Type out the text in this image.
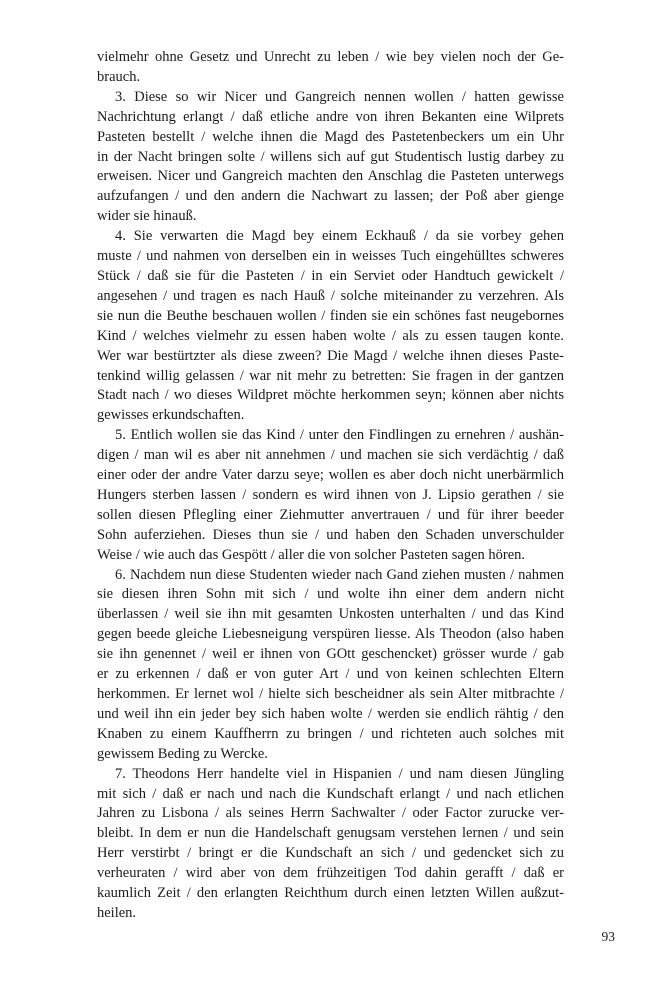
vielmehr ohne Gesetz und Unrecht zu leben / wie bey vielen noch der Ge-
brauch.
3. Diese so wir Nicer und Gangreich nennen wollen / hatten gewisse
Nachrichtung erlangt / daß etliche andre von ihren Bekanten eine Wilprets
Pasteten bestellt / welche ihnen die Magd des Pastetenbeckers um ein Uhr
in der Nacht bringen solte / willens sich auf gut Studentisch lustig darbey zu
erweisen. Nicer und Gangreich machten den Anschlag die Pasteten unterwegs
aufzufangen / und den andern die Nachwart zu lassen; der Poß aber gienge
wider sie hinauß.
4. Sie verwarten die Magd bey einem Eckhauß / da sie vorbey gehen
muste / und nahmen von derselben ein in weisses Tuch eingehülltes schweres
Stück / daß sie für die Pasteten / in ein Serviet oder Handtuch gewickelt /
angesehen / und tragen es nach Hauß / solche miteinander zu verzehren. Als
sie nun die Beuthe beschauen wollen / finden sie ein schönes fast neugebornes
Kind / welches vielmehr zu essen haben wolte / als zu essen taugen konte.
Wer war bestürtzter als diese zween? Die Magd / welche ihnen dieses Paste-
tenkind willig gelassen / war nit mehr zu betretten: Sie fragen in der gantzen
Stadt nach / wo dieses Wildpret möchte herkommen seyn; können aber nichts
gewisses erkundschaften.
5. Entlich wollen sie das Kind / unter den Findlingen zu ernehren / aushän-
digen / man wil es aber nit annehmen / und machen sie sich verdächtig / daß
einer oder der andre Vater darzu seye; wollen es aber doch nicht unerbärmlich
Hungers sterben lassen / sondern es wird ihnen von J. Lipsio gerathen / sie
sollen diesen Pflegling einer Ziehmutter anvertrauen / und für ihrer beeder
Sohn auferziehen. Dieses thun sie / und haben den Schaden unverschulder
Weise / wie auch das Gespött / aller die von solcher Pasteten sagen hören.
6. Nachdem nun diese Studenten wieder nach Gand ziehen musten / nahmen
sie diesen ihren Sohn mit sich / und wolte ihn einer dem andern nicht
überlassen / weil sie ihn mit gesamten Unkosten unterhalten / und das Kind
gegen beede gleiche Liebesneigung verspüren liesse. Als Theodon (also haben
sie ihn genennet / weil er ihnen von GOtt geschencket) grösser wurde / gab
er zu erkennen / daß er von guter Art / und von keinen schlechten Eltern
herkommen. Er lernet wol / hielte sich bescheidner als sein Alter mitbrachte /
und weil ihn ein jeder bey sich haben wolte / werden sie endlich rähtig / den
Knaben zu einem Kauffherrn zu bringen / und richteten auch solches mit
gewissem Beding zu Wercke.
7. Theodons Herr handelte viel in Hispanien / und nam diesen Jüngling
mit sich / daß er nach und nach die Kundschaft erlangt / und nach etlichen
Jahren zu Lisbona / als seines Herrn Sachwalter / oder Factor zurucke ver-
bleibt. In dem er nun die Handelschaft genugsam verstehen lernen / und sein
Herr verstirbt / bringt er die Kundschaft an sich / und gedencket sich zu
verheuraten / wird aber von dem frühzeitigen Tod dahin gerafft / daß er
kaumlich Zeit / den erlangten Reichthum durch einen letzten Willen außzut-
heilen.
93
